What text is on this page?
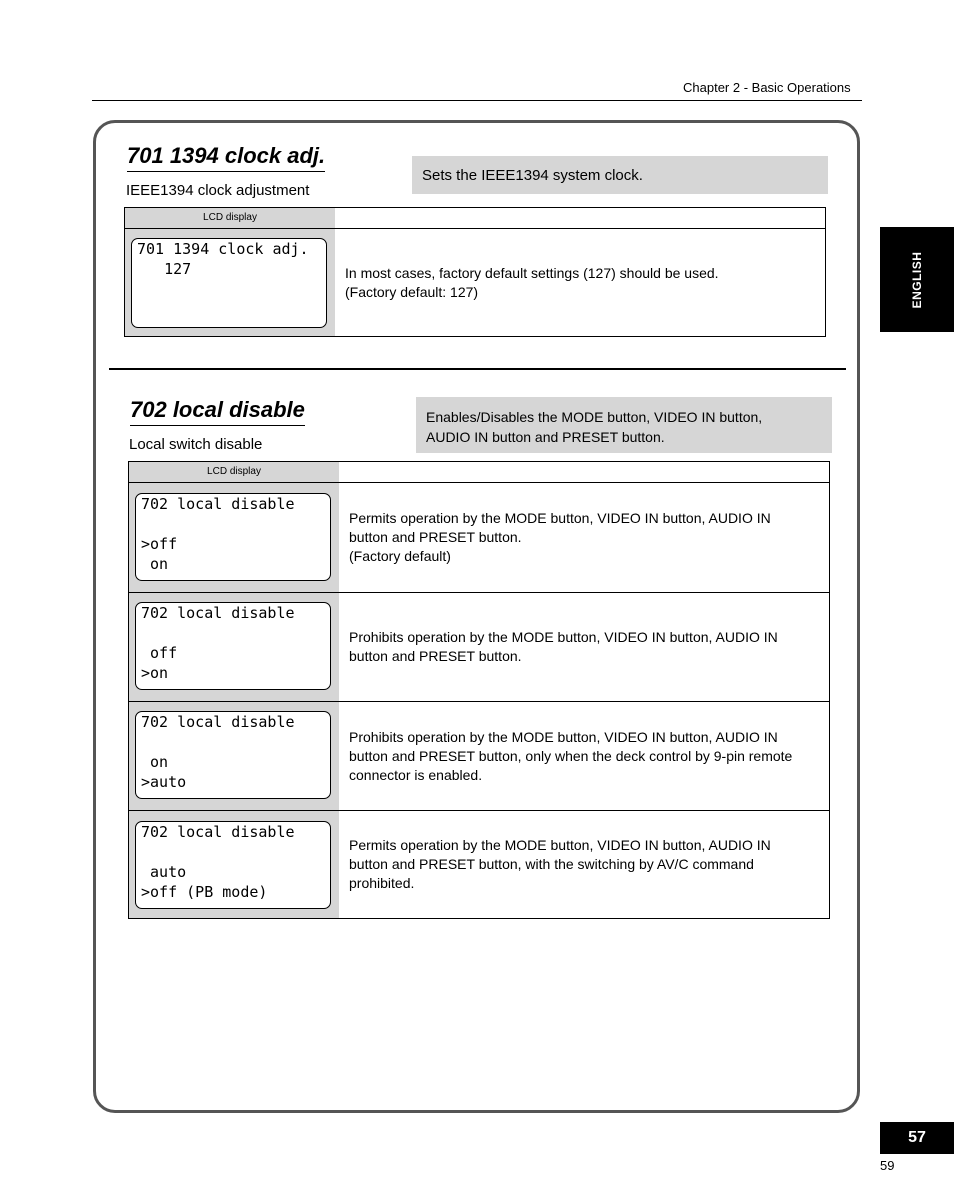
Chapter 2 - Basic Operations
ENGLISH
701 1394 clock adj.
IEEE1394 clock adjustment
Sets the IEEE1394 system clock.
LCD display
701 1394 clock adj.
127	In most cases, factory default settings (127) should be used.
(Factory default: 127)
702 local disable
Local switch disable
Enables/Disables the MODE button, VIDEO IN button,
AUDIO IN button and PRESET button.
LCD display
702 local disable

>off
on
Permits operation by the MODE button, VIDEO IN button, AUDIO IN button and PRESET button.
(Factory default)
702 local disable

off
>on
Prohibits operation by the MODE button, VIDEO IN button, AUDIO IN button and PRESET button.
702 local disable

on
>auto
Prohibits operation by the MODE button, VIDEO IN button, AUDIO IN button and PRESET button, only when the deck control by 9-pin remote connector is enabled.
702 local disable

auto
>off (PB mode)
Permits operation by the MODE button, VIDEO IN button, AUDIO IN button and PRESET button, with the switching by AV/C command prohibited.
57
59
